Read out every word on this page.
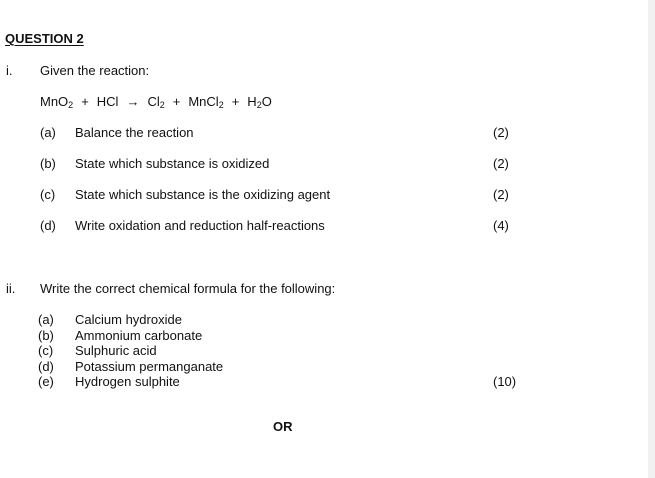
QUESTION 2
i. Given the reaction:
MnO$_2$ + HCl → $Cl_2$ + MnCl$_2$ + $H_2O$
(a) Balance the reaction	(2)
(b) State which substance is oxidized	(2)
(c) State which substance is the oxidizing agent	(2)
(d) Write oxidation and reduction half-reactions	(4)
ii. Write the correct chemical formula for the following:
(a)	Calcium hydroxide
(b)	Ammonium carbonate
(c)	Sulphuric acid
(d)	Potassium permanganate
(e)	Hydrogen sulphite	(10)
OR
